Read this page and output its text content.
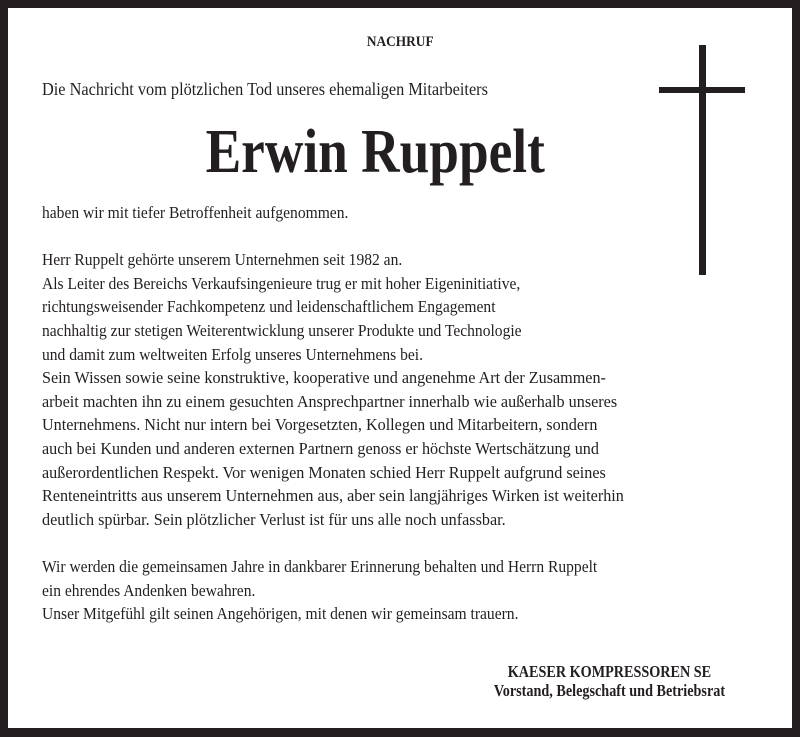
NACHRUF
Die Nachricht vom plötzlichen Tod unseres ehemaligen Mitarbeiters
Erwin Ruppelt
haben wir mit tiefer Betroffenheit aufgenommen.
Herr Ruppelt gehörte unserem Unternehmen seit 1982 an.
Als Leiter des Bereichs Verkaufsingenieure trug er mit hoher Eigeninitiative,
richtungsweisender Fachkompetenz und leidenschaftlichem Engagement
nachhaltig zur stetigen Weiterentwicklung unserer Produkte und Technologie
und damit zum weltweiten Erfolg unseres Unternehmens bei.
Sein Wissen sowie seine konstruktive, kooperative und angenehme Art der Zusammen-
arbeit machten ihn zu einem gesuchten Ansprechpartner innerhalb wie außerhalb unseres
Unternehmens. Nicht nur intern bei Vorgesetzten, Kollegen und Mitarbeitern, sondern
auch bei Kunden und anderen externen Partnern genoss er höchste Wertschätzung und
außerordentlichen Respekt. Vor wenigen Monaten schied Herr Ruppelt aufgrund seines
Renteneintritts aus unserem Unternehmen aus, aber sein langjähriges Wirken ist weiterhin
deutlich spürbar. Sein plötzlicher Verlust ist für uns alle noch unfassbar.
Wir werden die gemeinsamen Jahre in dankbarer Erinnerung behalten und Herrn Ruppelt
ein ehrendes Andenken bewahren.
Unser Mitgefühl gilt seinen Angehörigen, mit denen wir gemeinsam trauern.
KAESER KOMPRESSOREN SE
Vorstand, Belegschaft und Betriebsrat
